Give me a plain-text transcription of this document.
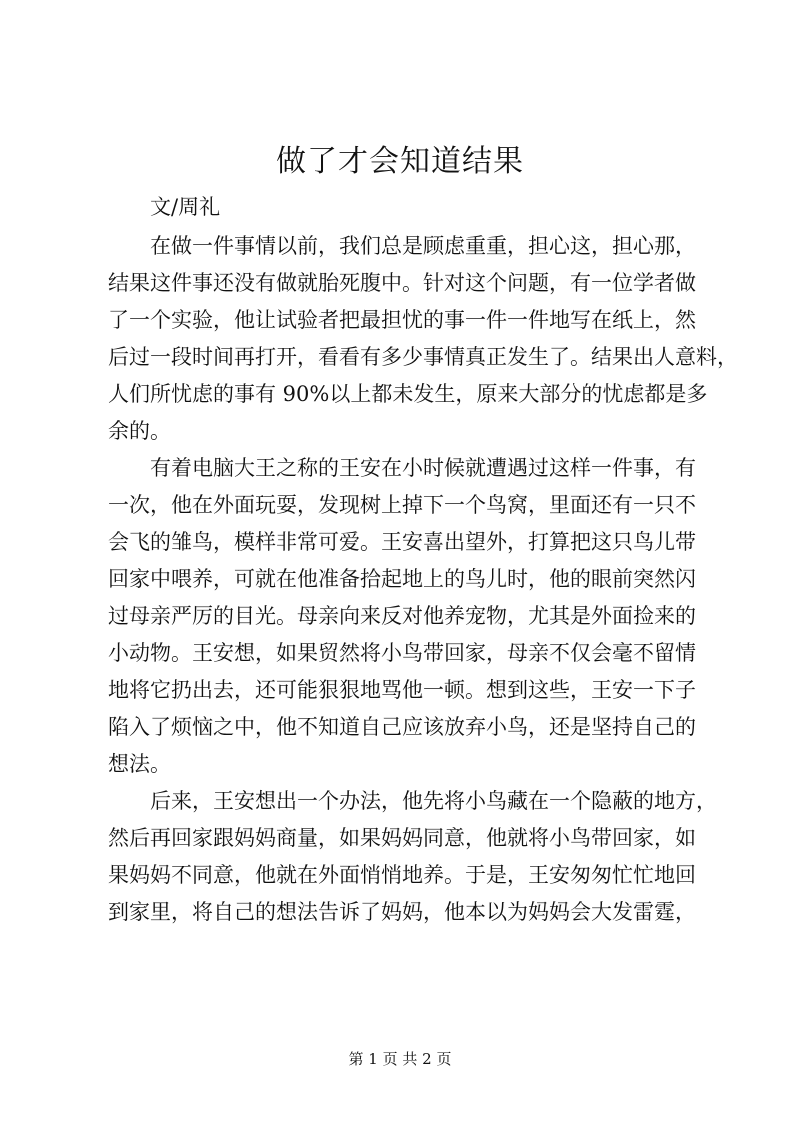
做了才会知道结果
文/周礼

在做一件事情以前，我们总是顾虑重重，担心这，担心那，
结果这件事还没有做就胎死腹中。针对这个问题，有一位学者做
了一个实验，他让试验者把最担忧的事一件一件地写在纸上，然
后过一段时间再打开，看看有多少事情真正发生了。结果出人意料，
人们所忧虑的事有 90%以上都未发生，原来大部分的忧虑都是多
余的。

有着电脑大王之称的王安在小时候就遭遇过这样一件事，有
一次，他在外面玩耍，发现树上掉下一个鸟窝，里面还有一只不
会飞的雏鸟，模样非常可爱。王安喜出望外，打算把这只鸟儿带
回家中喂养，可就在他准备拾起地上的鸟儿时，他的眼前突然闪
过母亲严厉的目光。母亲向来反对他养宠物，尤其是外面捡来的
小动物。王安想，如果贸然将小鸟带回家，母亲不仅会毫不留情
地将它扔出去，还可能狠狠地骂他一顿。想到这些，王安一下子
陷入了烦恼之中，他不知道自己应该放弃小鸟，还是坚持自己的
想法。

后来，王安想出一个办法，他先将小鸟藏在一个隐蔽的地方，
然后再回家跟妈妈商量，如果妈妈同意，他就将小鸟带回家，如
果妈妈不同意，他就在外面悄悄地养。于是，王安匆匆忙忙地回
到家里，将自己的想法告诉了妈妈，他本以为妈妈会大发雷霆，

第 1 页 共 2 页
